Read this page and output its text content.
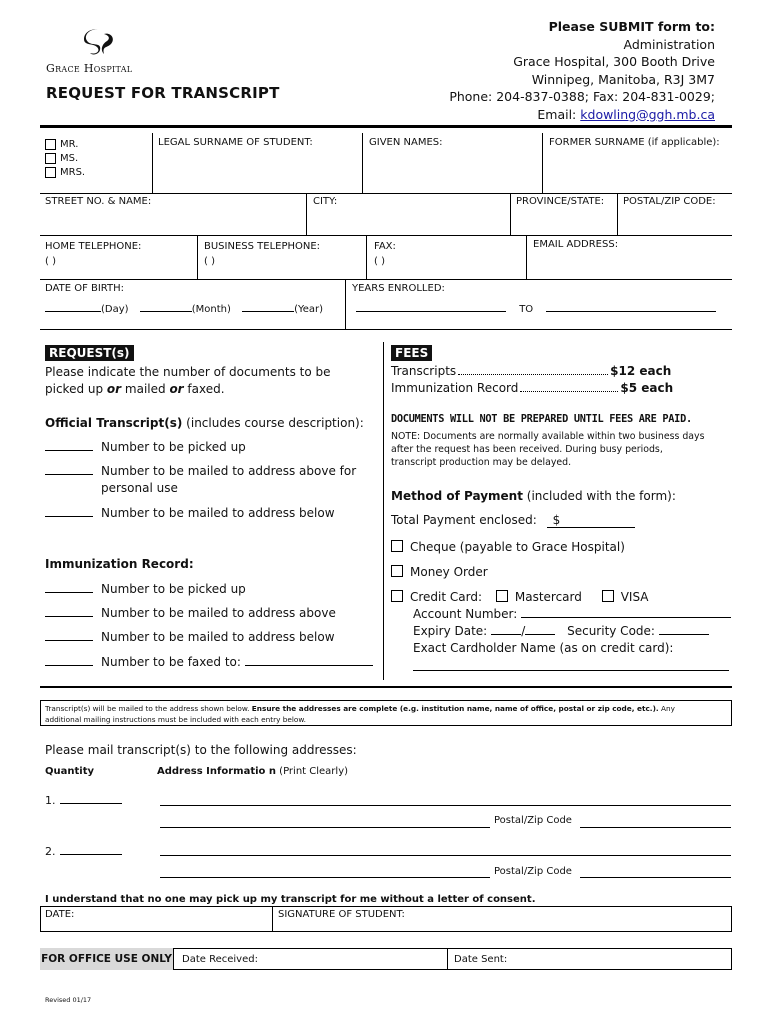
Grace Hospital
REQUEST FOR TRANSCRIPT
Please SUBMIT form to:
Administration
Grace Hospital, 300 Booth Drive
Winnipeg, Manitoba, R3J 3M7
Phone: 204-837-0388; Fax: 204-831-0029;
Email: kdowling@ggh.mb.ca
MR.
MS.
MRS.
LEGAL SURNAME OF STUDENT:	GIVEN NAMES:	FORMER SURNAME (if applicable):
STREET NO. & NAME:	CITY:	PROVINCE/STATE: POSTAL/ZIP CODE:
HOME TELEPHONE:
( )
BUSINESS TELEPHONE:
( )
FAX:
( )
EMAIL ADDRESS:
DATE OF BIRTH:
(Day)	(Month)	(Year)
YEARS ENROLLED:
TO
REQUEST(s)
Please indicate the number of documents to be
picked up or mailed or faxed.
Official Transcript(s) (includes course description):
Number to be picked up
Number to be mailed to address above for
personal use
Number to be mailed to address below
Immunization Record:
Number to be picked up
Number to be mailed to address above
Number to be mailed to address below
Number to be faxed to:
FEES
Transcripts	$12 each
Immunization Record	$5 each
DOCUMENTS WILL NOT BE PREPARED UNTIL FEES ARE PAID.
NOTE: Documents are normally available within two business days
after the request has been received. During busy periods,
transcript production may be delayed.
Method of Payment (included with the form):
Total Payment enclosed: $
Cheque (payable to Grace Hospital)
Money Order
Credit Card:	Mastercard	VISA
Account Number:
Expiry Date:	/	Security Code:
Exact Cardholder Name (as on credit card):
Transcript(s) will be mailed to the address shown below. Ensure the addresses are complete (e.g. institution name, name of office, postal or zip code, etc.). Any
additional mailing instructions must be included with each entry below.
Please mail transcript(s) to the following addresses:
Quantity	Address Informatio n (Print Clearly)
1.
Postal/Zip Code
2.
Postal/Zip Code
I understand that no one may pick up my transcript for me without a letter of consent.
DATE:	SIGNATURE OF STUDENT:
FOR OFFICE USE ONLY Date Received:	Date Sent:
Revised 01/17
